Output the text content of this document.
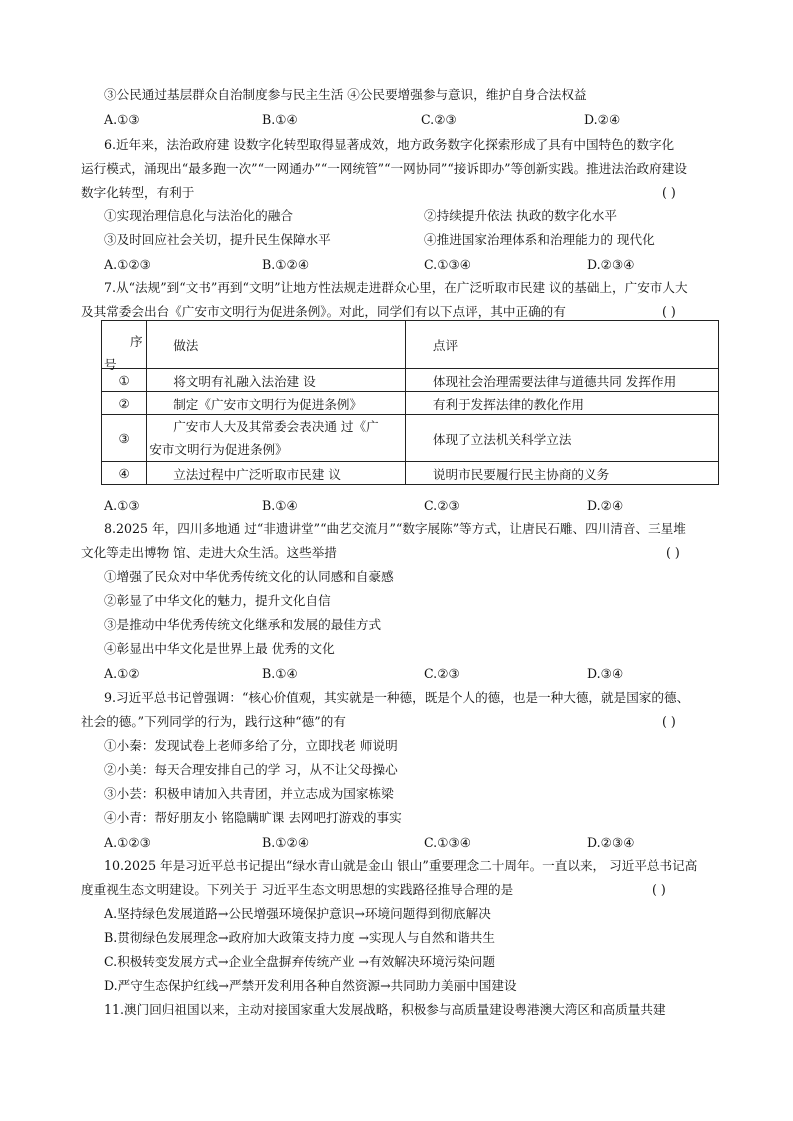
③公民通过基层群众自治制度参与民主生活 ④公民要增强参与意识，维护自身合法权益
A.①③	B.①④	C.②③	D.②④
6.近年来，法治政府建 设数字化转型取得显著成效，地方政务数字化探索形成了具有中国特色的数字化
运行模式，涌现出“最多跑一次”“一网通办”“一网统管”“一网协同”“接诉即办”等创新实践。推进法治政府建设
数字化转型，有利于	( )
①实现治理信息化与法治化的融合	②持续提升依法 执政的数字化水平
③及时回应社会关切，提升民生保障水平	④推进国家治理体系和治理能力的 现代化
A.①②③	B.①②④	C.①③④	D.②③④
7.从“法规”到“文书”再到“文明”让地方性法规走进群众心里，在广泛听取市民建 议的基础上，广安市人大
及其常委会出台《广安市文明行为促进条例》。对此，同学们有以下点评，其中正确的有	( )
序
号	做法	点评

①	将文明有礼融入法治建 设	体现社会治理需要法律与道德共同 发挥作用

②	制定《广安市文明行为促进条例》	有利于发挥法律的教化作用

③	广安市人大及其常委会表决通 过《广
安市文明行为促进条例》	体现了立法机关科学立法

④	立法过程中广泛听取市民建 议	说明市民要履行民主协商的义务
A.①③	B.①④	C.②③	D.②④
8.2025 年，四川多地通 过“非遗讲堂”“曲艺交流月”“数字展陈”等方式，让唐民石雕、四川清音、三星堆
文化等走出博物 馆、走进大众生活。这些举措	( )
①增强了民众对中华优秀传统文化的认同感和自豪感
②彰显了中华文化的魅力，提升文化自信
③是推动中华优秀传统文化继承和发展的最佳方式
④彰显出中华文化是世界上最 优秀的文化
A.①②	B.①④	C.②③	D.③④
9.习近平总书记曾强调：“核心价值观，其实就是一种德，既是个人的德，也是一种大德，就是国家的德、
社会的德。”下列同学的行为，践行这种“德”的有	( )
①小秦：发现试卷上老师多给了分，立即找老 师说明
②小美：每天合理安排自己的学 习，从不让父母操心
③小芸：积极申请加入共青团，并立志成为国家栋梁
④小青：帮好朋友小 铭隐瞒旷课 去网吧打游戏的事实
A.①②③	B.①②④	C.①③④	D.②③④
10.2025 年是习近平总书记提出“绿水青山就是金山 银山”重要理念二十周年。一直以来， 习近平总书记高
度重视生态文明建设。下列关于 习近平生态文明思想的实践路径推导合理的是	( )
A.坚持绿色发展道路→公民增强环境保护意识→环境问题得到彻底解决
B.贯彻绿色发展理念→政府加大政策支持力度 →实现人与自然和谐共生
C.积极转变发展方式→企业全盘摒弃传统产业 →有效解决环境污染问题
D.严守生态保护红线→严禁开发利用各种自然资源→共同助力美丽中国建设
11.澳门回归祖国以来，主动对接国家重大发展战略，积极参与高质量建设粤港澳大湾区和高质量共建
